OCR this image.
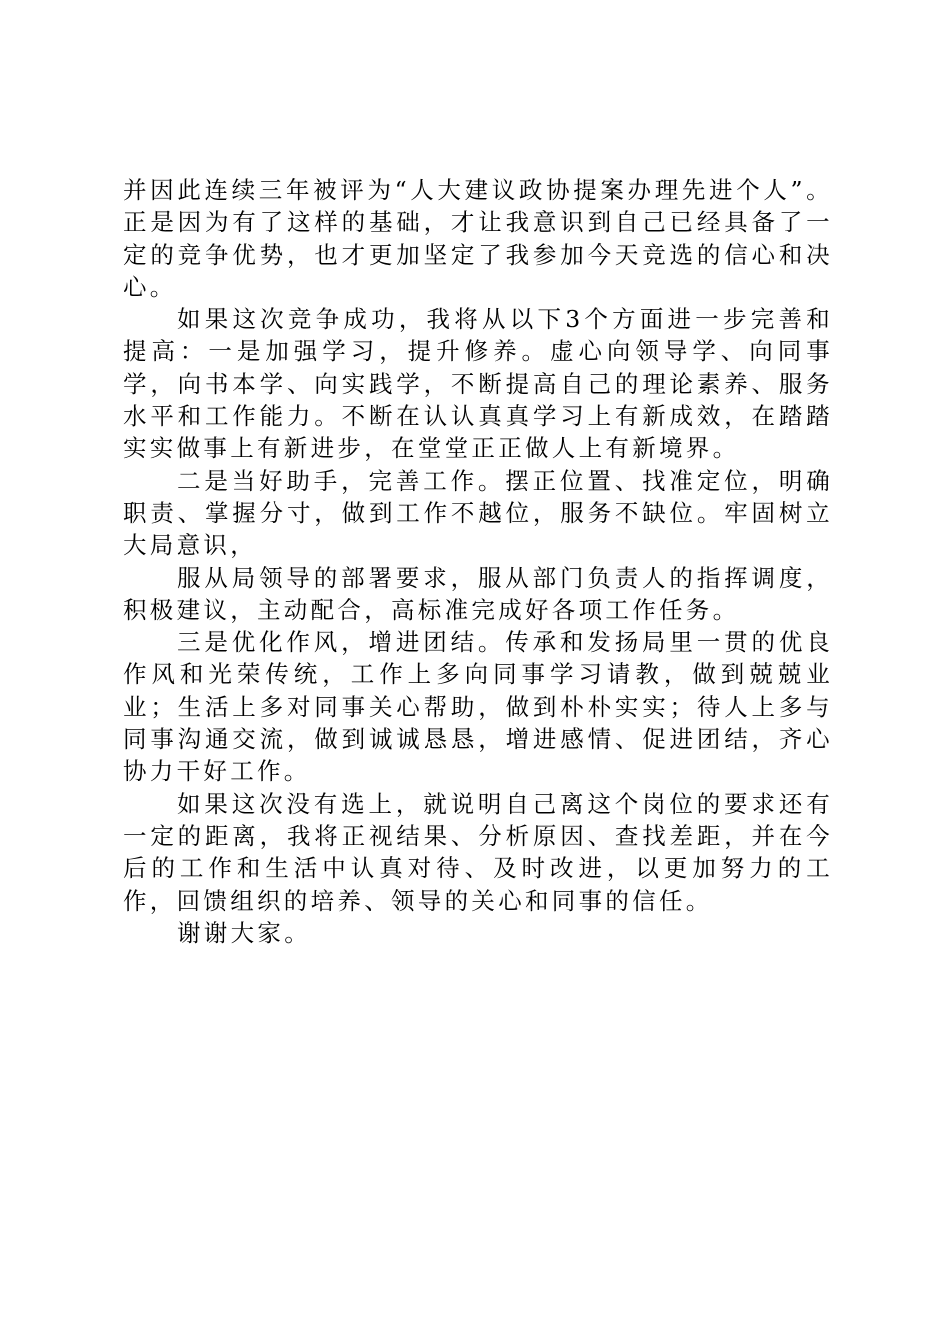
并因此连续三年被评为“人大建议政协提案办理先进个人”。正是因为有了这样的基础，才让我意识到自己已经具备了一定的竞争优势，也才更加坚定了我参加今天竞选的信心和决心。

如果这次竞争成功，我将从以下3个方面进一步完善和提高：一是加强学习，提升修养。虚心向领导学、向同事学，向书本学、向实践学，不断提高自己的理论素养、服务水平和工作能力。不断在认认真真学习上有新成效，在踏踏实实做事上有新进步，在堂堂正正做人上有新境界。

二是当好助手，完善工作。摆正位置、找准定位，明确职责、掌握分寸，做到工作不越位，服务不缺位。牢固树立大局意识，

服从局领导的部署要求，服从部门负责人的指挥调度，积极建议，主动配合，高标准完成好各项工作任务。

三是优化作风，增进团结。传承和发扬局里一贯的优良作风和光荣传统，工作上多向同事学习请教，做到兢兢业业；生活上多对同事关心帮助，做到朴朴实实；待人上多与同事沟通交流，做到诚诚恳恳，增进感情、促进团结，齐心协力干好工作。

如果这次没有选上，就说明自己离这个岗位的要求还有一定的距离，我将正视结果、分析原因、查找差距，并在今后的工作和生活中认真对待、及时改进，以更加努力的工作，回馈组织的培养、领导的关心和同事的信任。

谢谢大家。
